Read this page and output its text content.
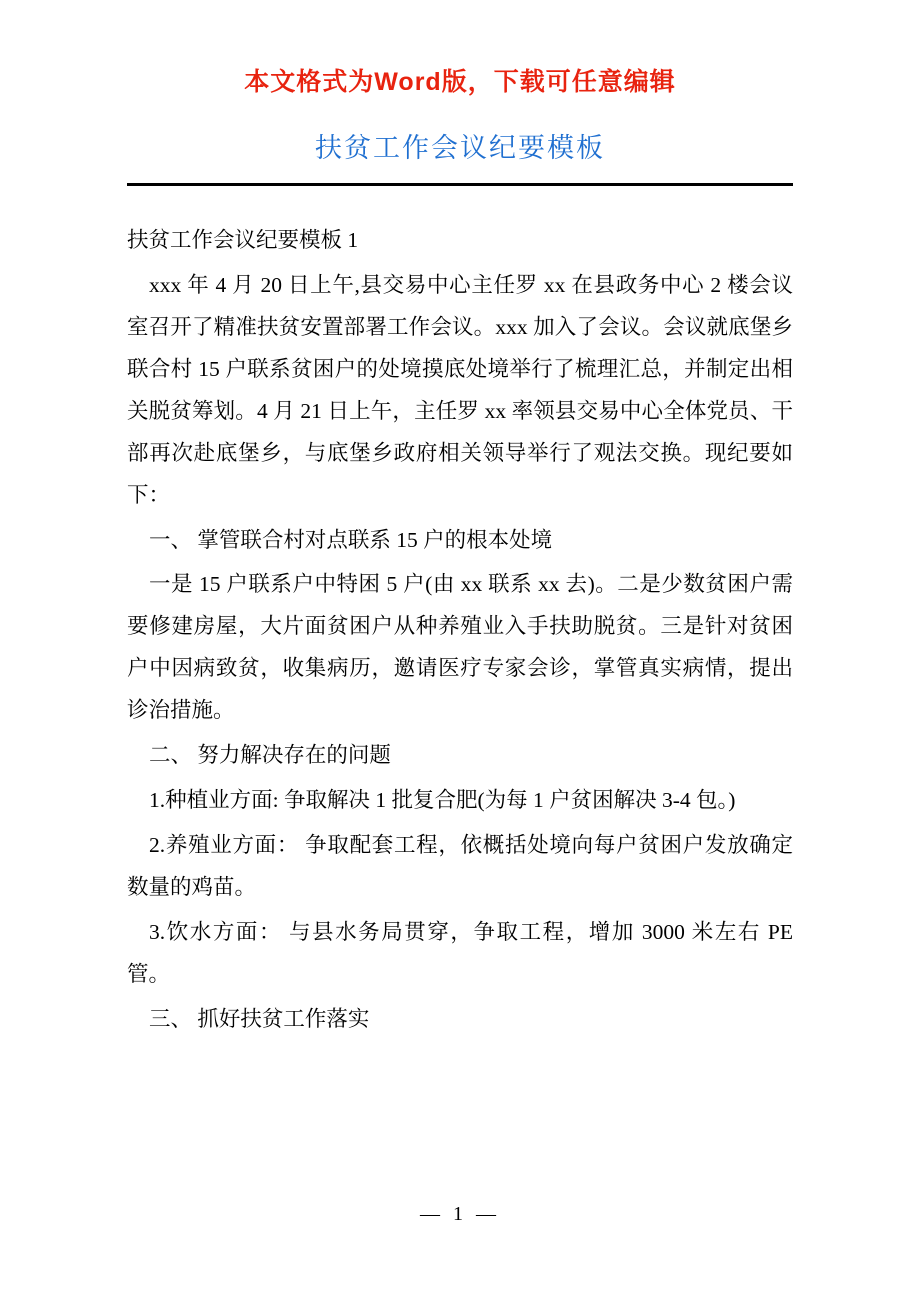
本文格式为Word版，下载可任意编辑
扶贫工作会议纪要模板

扶贫工作会议纪要模板 1

xxx 年 4 月 20 日上午,县交易中心主任罗 xx 在县政务中心 2 楼会议室召开了精准扶贫安置部署工作会议。xxx 加入了会议。会议就底堡乡联合村 15 户联系贫困户的处境摸底处境举行了梳理汇总，并制定出相关脱贫筹划。4 月 21 日上午，主任罗 xx 率领县交易中心全体党员、干部再次赴底堡乡，与底堡乡政府相关领导举行了观法交换。现纪要如下：

一、 掌管联合村对点联系 15 户的根本处境

一是 15 户联系户中特困 5 户(由 xx 联系 xx 去)。二是少数贫困户需要修建房屋，大片面贫困户从种养殖业入手扶助脱贫。三是针对贫困户中因病致贫，收集病历，邀请医疗专家会诊，掌管真实病情，提出诊治措施。

二、 努力解决存在的问题

1.种植业方面: 争取解决 1 批复合肥(为每 1 户贫困解决 3-4 包。)

2.养殖业方面： 争取配套工程，依概括处境向每户贫困户发放确定数量的鸡苗。

3.饮水方面： 与县水务局贯穿，争取工程，增加 3000 米左右 PE 管。

三、 抓好扶贫工作落实

— 1 —
